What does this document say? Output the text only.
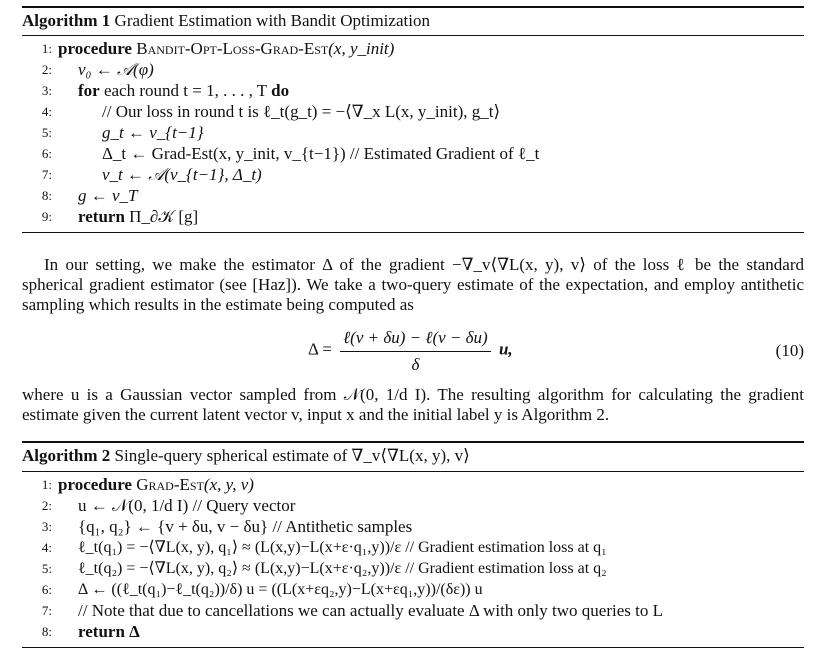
Algorithm 1 Gradient Estimation with Bandit Optimization
1: procedure Bandit-Opt-Loss-Grad-Est(x, y_init)
2: v₀ ← 𝒜(φ)
3: for each round t = 1, . . . , T do
4:	// Our loss in round t is ℓ_t(g_t) = −⟨∇_x L(x, y_init), g_t⟩
5:	g_t ← v_{t−1}
6:	Δ_t ← Grad-Est(x, y_init, v_{t−1}) // Estimated Gradient of ℓ_t
7:	v_t ← 𝒜(v_{t−1}, Δ_t)
8: g ← v_T
9: return Π_∂𝒦 [g]

In our setting, we make the estimator Δ of the gradient −∇_v⟨∇L(x, y), v⟩ of the loss ℓ be the standard spherical gradient estimator (see [Haz]). We take a two-query estimate of the expectation, and employ antithetic sampling which results in the estimate being computed as

$\Delta = \frac{\text{ℓ(v + δu) − ℓ(v − δu)}}{\delta} u$,	(10)

where u is a Gaussian vector sampled from 𝒩(0, 1/d I). The resulting algorithm for calculating the gradient estimate given the current latent vector v, input x and the initial label y is Algorithm 2.

Algorithm 2 Single-query spherical estimate of ∇_v⟨∇L(x, y), v⟩
1: procedure Grad-Est(x, y, v)
2: u ← 𝒩(0, 1/d I) // Query vector
3: {q₁, q₂} ← {v + δu, v − δu} // Antithetic samples
4: ℓ_t(q₁) = −⟨∇L(x, y), q₁⟩ ≈ (L(x,y)−L(x+ε·q₁,y))/ε // Gradient estimation loss at q₁
5: ℓ_t(q₂) = −⟨∇L(x, y), q₂⟩ ≈ (L(x,y)−L(x+ε·q₂,y))/ε // Gradient estimation loss at q₂
6: Δ ← ((ℓ_t(q₁)−ℓ_t(q₂))/δ) u = ((L(x+εq₂,y)−L(x+εq₁,y))/(δε)) u
7: // Note that due to cancellations we can actually evaluate Δ with only two queries to L
8: return Δ
